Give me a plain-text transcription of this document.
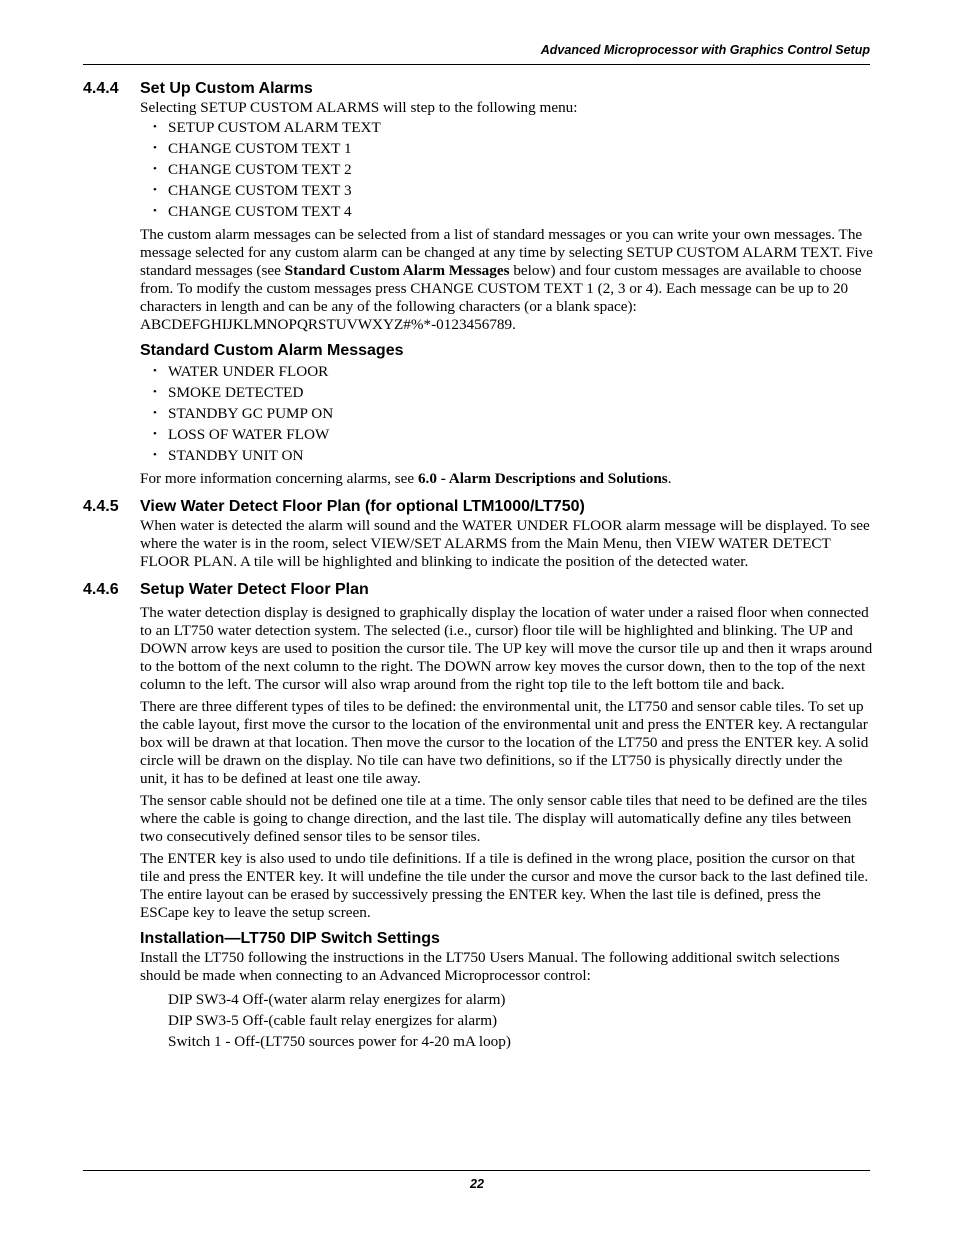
Advanced Microprocessor with Graphics Control Setup
4.4.4	Set Up Custom Alarms

Selecting SETUP CUSTOM ALARMS will step to the following menu:

• SETUP CUSTOM ALARM TEXT
• CHANGE CUSTOM TEXT 1
• CHANGE CUSTOM TEXT 2
• CHANGE CUSTOM TEXT 3
• CHANGE CUSTOM TEXT 4

The custom alarm messages can be selected from a list of standard messages or you can write your own messages. The message selected for any custom alarm can be changed at any time by selecting SETUP CUSTOM ALARM TEXT. Five standard messages (see Standard Custom Alarm Messages below) and four custom messages are available to choose from. To modify the custom messages press CHANGE CUSTOM TEXT 1 (2, 3 or 4). Each message can be up to 20 characters in length and can be any of the following characters (or a blank space): ABCDEFGHIJKLMNOPQRSTUVWXYZ#%*-0123456789.

Standard Custom Alarm Messages
• WATER UNDER FLOOR
• SMOKE DETECTED
• STANDBY GC PUMP ON
• LOSS OF WATER FLOW
• STANDBY UNIT ON

For more information concerning alarms, see 6.0 - Alarm Descriptions and Solutions.

4.4.5	View Water Detect Floor Plan (for optional LTM1000/LT750)

When water is detected the alarm will sound and the WATER UNDER FLOOR alarm message will be displayed. To see where the water is in the room, select VIEW/SET ALARMS from the Main Menu, then VIEW WATER DETECT FLOOR PLAN. A tile will be highlighted and blinking to indicate the position of the detected water.

4.4.6	Setup Water Detect Floor Plan

The water detection display is designed to graphically display the location of water under a raised floor when connected to an LT750 water detection system. The selected (i.e., cursor) floor tile will be highlighted and blinking. The UP and DOWN arrow keys are used to position the cursor tile. The UP key will move the cursor tile up and then it wraps around to the bottom of the next column to the right. The DOWN arrow key moves the cursor down, then to the top of the next column to the left. The cursor will also wrap around from the right top tile to the left bottom tile and back.

There are three different types of tiles to be defined: the environmental unit, the LT750 and sensor cable tiles. To set up the cable layout, first move the cursor to the location of the environmental unit and press the ENTER key. A rectangular box will be drawn at that location. Then move the cursor to the location of the LT750 and press the ENTER key. A solid circle will be drawn on the display. No tile can have two definitions, so if the LT750 is physically directly under the unit, it has to be defined at least one tile away.

The sensor cable should not be defined one tile at a time. The only sensor cable tiles that need to be defined are the tiles where the cable is going to change direction, and the last tile. The display will automatically define any tiles between two consecutively defined sensor tiles to be sensor tiles.

The ENTER key is also used to undo tile definitions. If a tile is defined in the wrong place, position the cursor on that tile and press the ENTER key. It will undefine the tile under the cursor and move the cursor back to the last defined tile. The entire layout can be erased by successively pressing the ENTER key. When the last tile is defined, press the ESCape key to leave the setup screen.

Installation—LT750 DIP Switch Settings

Install the LT750 following the instructions in the LT750 Users Manual. The following additional switch selections should be made when connecting to an Advanced Microprocessor control:

DIP SW3-4 Off-(water alarm relay energizes for alarm)
DIP SW3-5 Off-(cable fault relay energizes for alarm)
Switch 1 - Off-(LT750 sources power for 4-20 mA loop)
22
